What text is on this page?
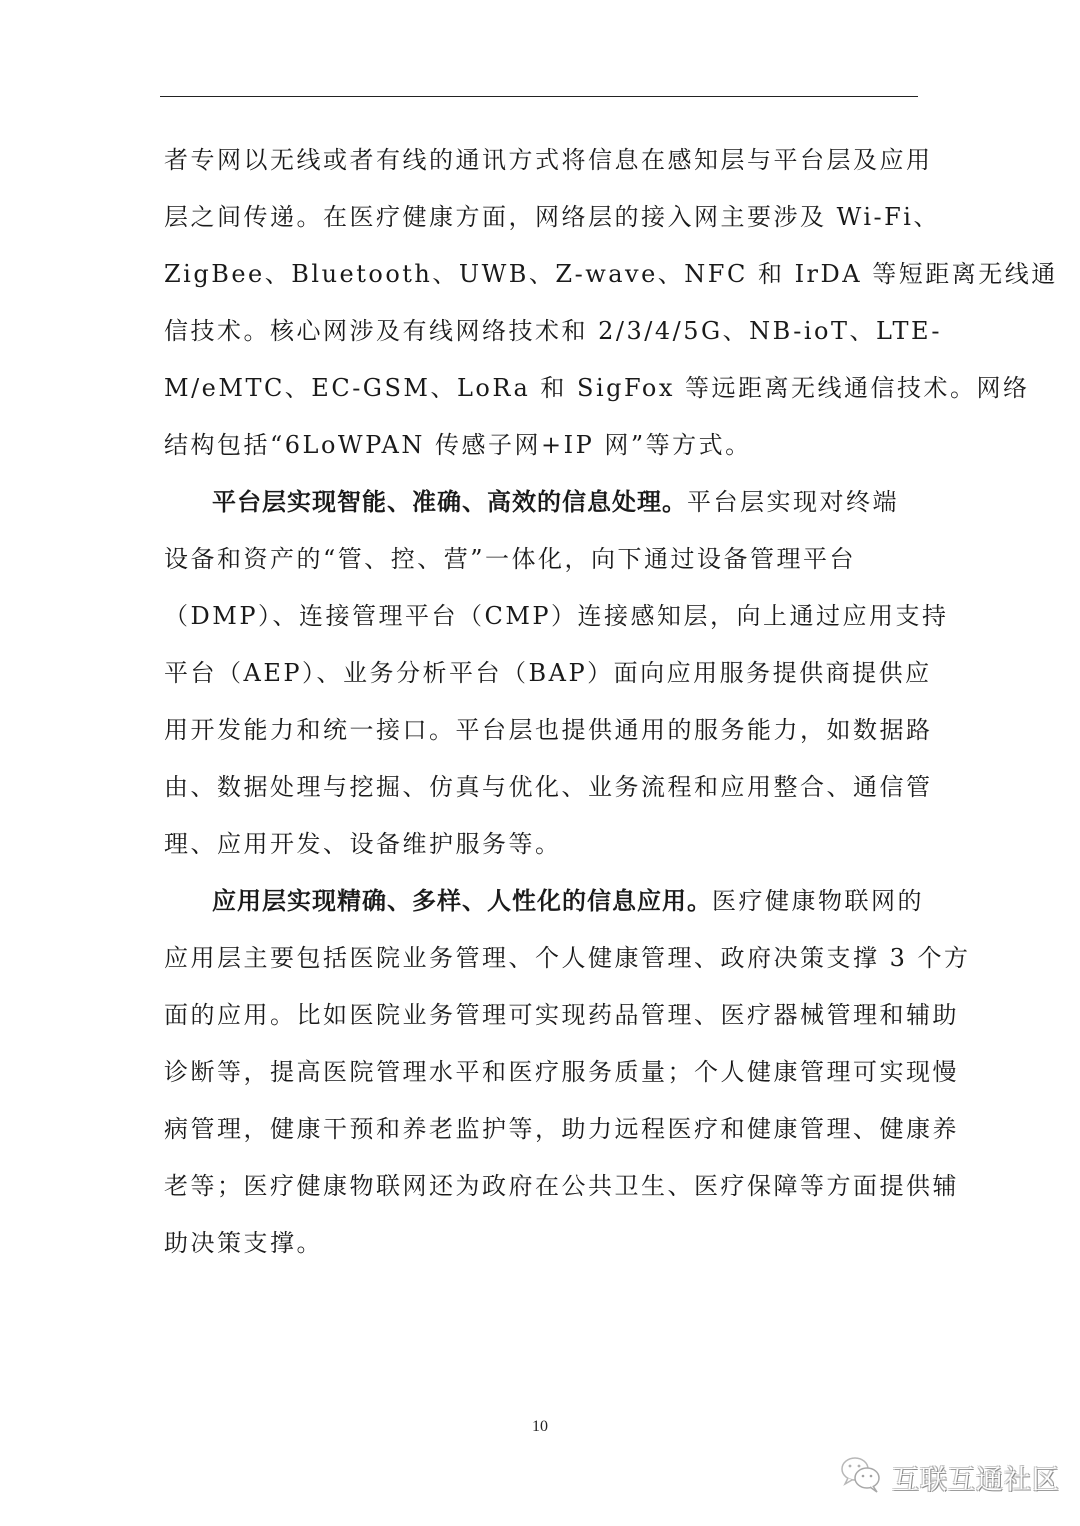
者专网以无线或者有线的通讯方式将信息在感知层与平台层及应用
层之间传递。在医疗健康方面，网络层的接入网主要涉及 Wi-Fi、
ZigBee、Bluetooth、UWB、Z-wave、NFC 和 IrDA 等短距离无线通
信技术。核心网涉及有线网络技术和 2/3/4/5G、NB-ioT、LTE-
M/eMTC、EC-GSM、LoRa 和 SigFox 等远距离无线通信技术。网络
结构包括“6LoWPAN 传感子网+IP 网”等方式。
平台层实现智能、准确、高效的信息处理。平台层实现对终端
设备和资产的“管、控、营”一体化，向下通过设备管理平台
（DMP）、连接管理平台（CMP）连接感知层，向上通过应用支持
平台（AEP）、业务分析平台（BAP）面向应用服务提供商提供应
用开发能力和统一接口。平台层也提供通用的服务能力，如数据路
由、数据处理与挖掘、仿真与优化、业务流程和应用整合、通信管
理、应用开发、设备维护服务等。
应用层实现精确、多样、人性化的信息应用。医疗健康物联网的
应用层主要包括医院业务管理、个人健康管理、政府决策支撑 3 个方
面的应用。比如医院业务管理可实现药品管理、医疗器械管理和辅助
诊断等，提高医院管理水平和医疗服务质量；个人健康管理可实现慢
病管理，健康干预和养老监护等，助力远程医疗和健康管理、健康养
老等；医疗健康物联网还为政府在公共卫生、医疗保障等方面提供辅
助决策支撑。
10
互联互通社区
